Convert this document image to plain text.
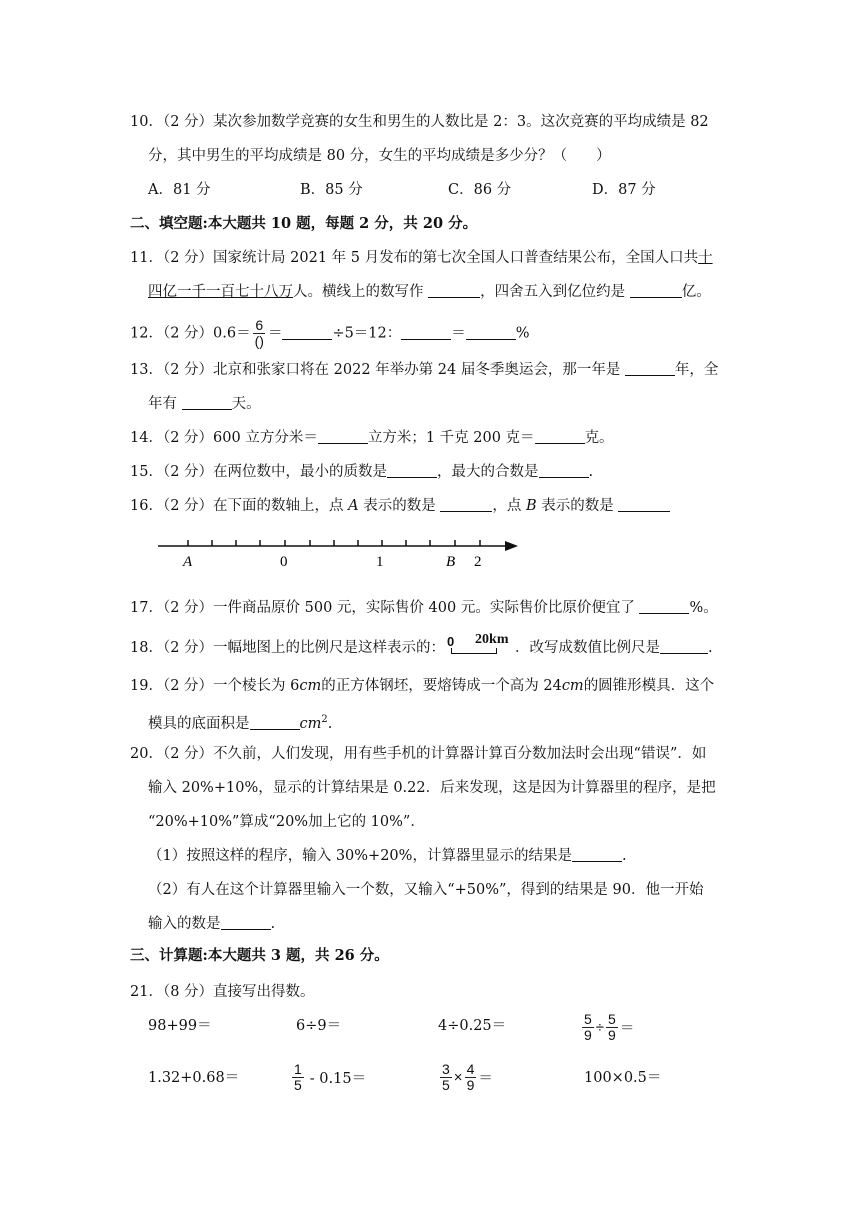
10．（2 分）某次参加数学竞赛的女生和男生的人数比是 2：3。这次竞赛的平均成绩是 82
分，其中男生的平均成绩是 80 分，女生的平均成绩是多少分？（　　）
A．81 分	B．85 分	C．86 分	D．87 分
二、填空题:本大题共 10 题，每题 2 分，共 20 分。
11．（2 分）国家统计局 2021 年 5 月发布的第七次全国人口普查结果公布，全国人口共十
四亿一千一百七十八万人。横线上的数写作	，四舍五入到亿位约是	亿。
12．（2 分）$0.6= \frac{6}{()}$ ＝	÷5＝12：	＝	%
13．（2 分）北京和张家口将在 2022 年举办第 24 届冬季奥运会，那一年是	年，全
年有	天。
14．（2 分）600 立方分米＝	立方米；1 千克 200 克＝	克。
15．（2 分）在两位数中，最小的质数是	，最大的合数是	.
16．（2 分）在下面的数轴上，点 A 表示的数是	，点 B 表示的数是
A	0	1	B 2
17．（2 分）一件商品原价 500 元，实际售价 400 元。实际售价比原价便宜了	%。
18．（2 分）一幅地图上的比例尺是这样表示的： 0 20km
．改写成数值比例尺是	.
19．（2 分）一个棱长为 6cm的正方体钢坯，要熔铸成一个高为 24cm的圆锥形模具．这个
模具的底面积是	$cm^2$.
20．（2 分）不久前，人们发现，用有些手机的计算器计算百分数加法时会出现“错误”．如
输入 20%+10%，显示的计算结果是 0.22．后来发现，这是因为计算器里的程序，是把
“20%+10%”算成“20%加上它的 10%”．
（1）按照这样的程序，输入 30%+20%，计算器里显示的结果是	.
（2）有人在这个计算器里输入一个数，又输入“+50%”，得到的结果是 90．他一开始
输入的数是	.
三、计算题:本大题共 3 题，共 26 分。
21．（8 分）直接写出得数。
98+99＝	6÷9＝	4÷0.25＝	$\frac{5}{9} \div \frac{5}{9}$ ＝
1.32+0.68＝	$\frac{1}{5} - 0.15=$	$\frac{3}{5} \times \frac{4}{9}$ ＝	100×0.5＝
